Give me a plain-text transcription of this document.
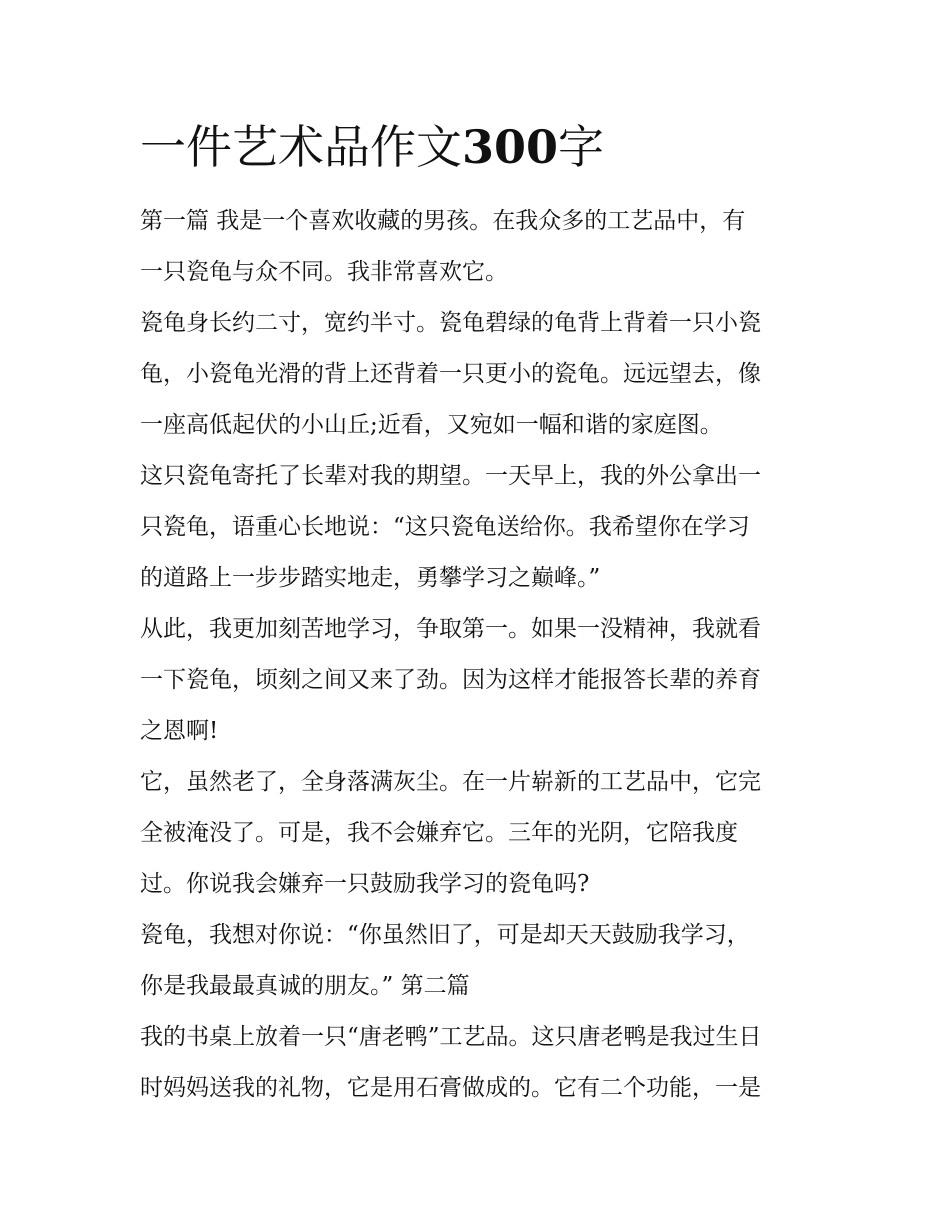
一件艺术品作文300字
第一篇 我是一个喜欢收藏的男孩。在我众多的工艺品中，有
一只瓷龟与众不同。我非常喜欢它。
瓷龟身长约二寸，宽约半寸。瓷龟碧绿的龟背上背着一只小瓷
龟，小瓷龟光滑的背上还背着一只更小的瓷龟。远远望去，像
一座高低起伏的小山丘;近看，又宛如一幅和谐的家庭图。
这只瓷龟寄托了长辈对我的期望。一天早上，我的外公拿出一
只瓷龟，语重心长地说：“这只瓷龟送给你。我希望你在学习
的道路上一步步踏实地走，勇攀学习之巅峰。”
从此，我更加刻苦地学习，争取第一。如果一没精神，我就看
一下瓷龟，顷刻之间又来了劲。因为这样才能报答长辈的养育
之恩啊!
它，虽然老了，全身落满灰尘。在一片崭新的工艺品中，它完
全被淹没了。可是，我不会嫌弃它。三年的光阴，它陪我度
过。你说我会嫌弃一只鼓励我学习的瓷龟吗?
瓷龟，我想对你说：“你虽然旧了，可是却天天鼓励我学习，
你是我最最真诚的朋友。” 第二篇
我的书桌上放着一只“唐老鸭”工艺品。这只唐老鸭是我过生日
时妈妈送我的礼物，它是用石膏做成的。它有二个功能，一是
